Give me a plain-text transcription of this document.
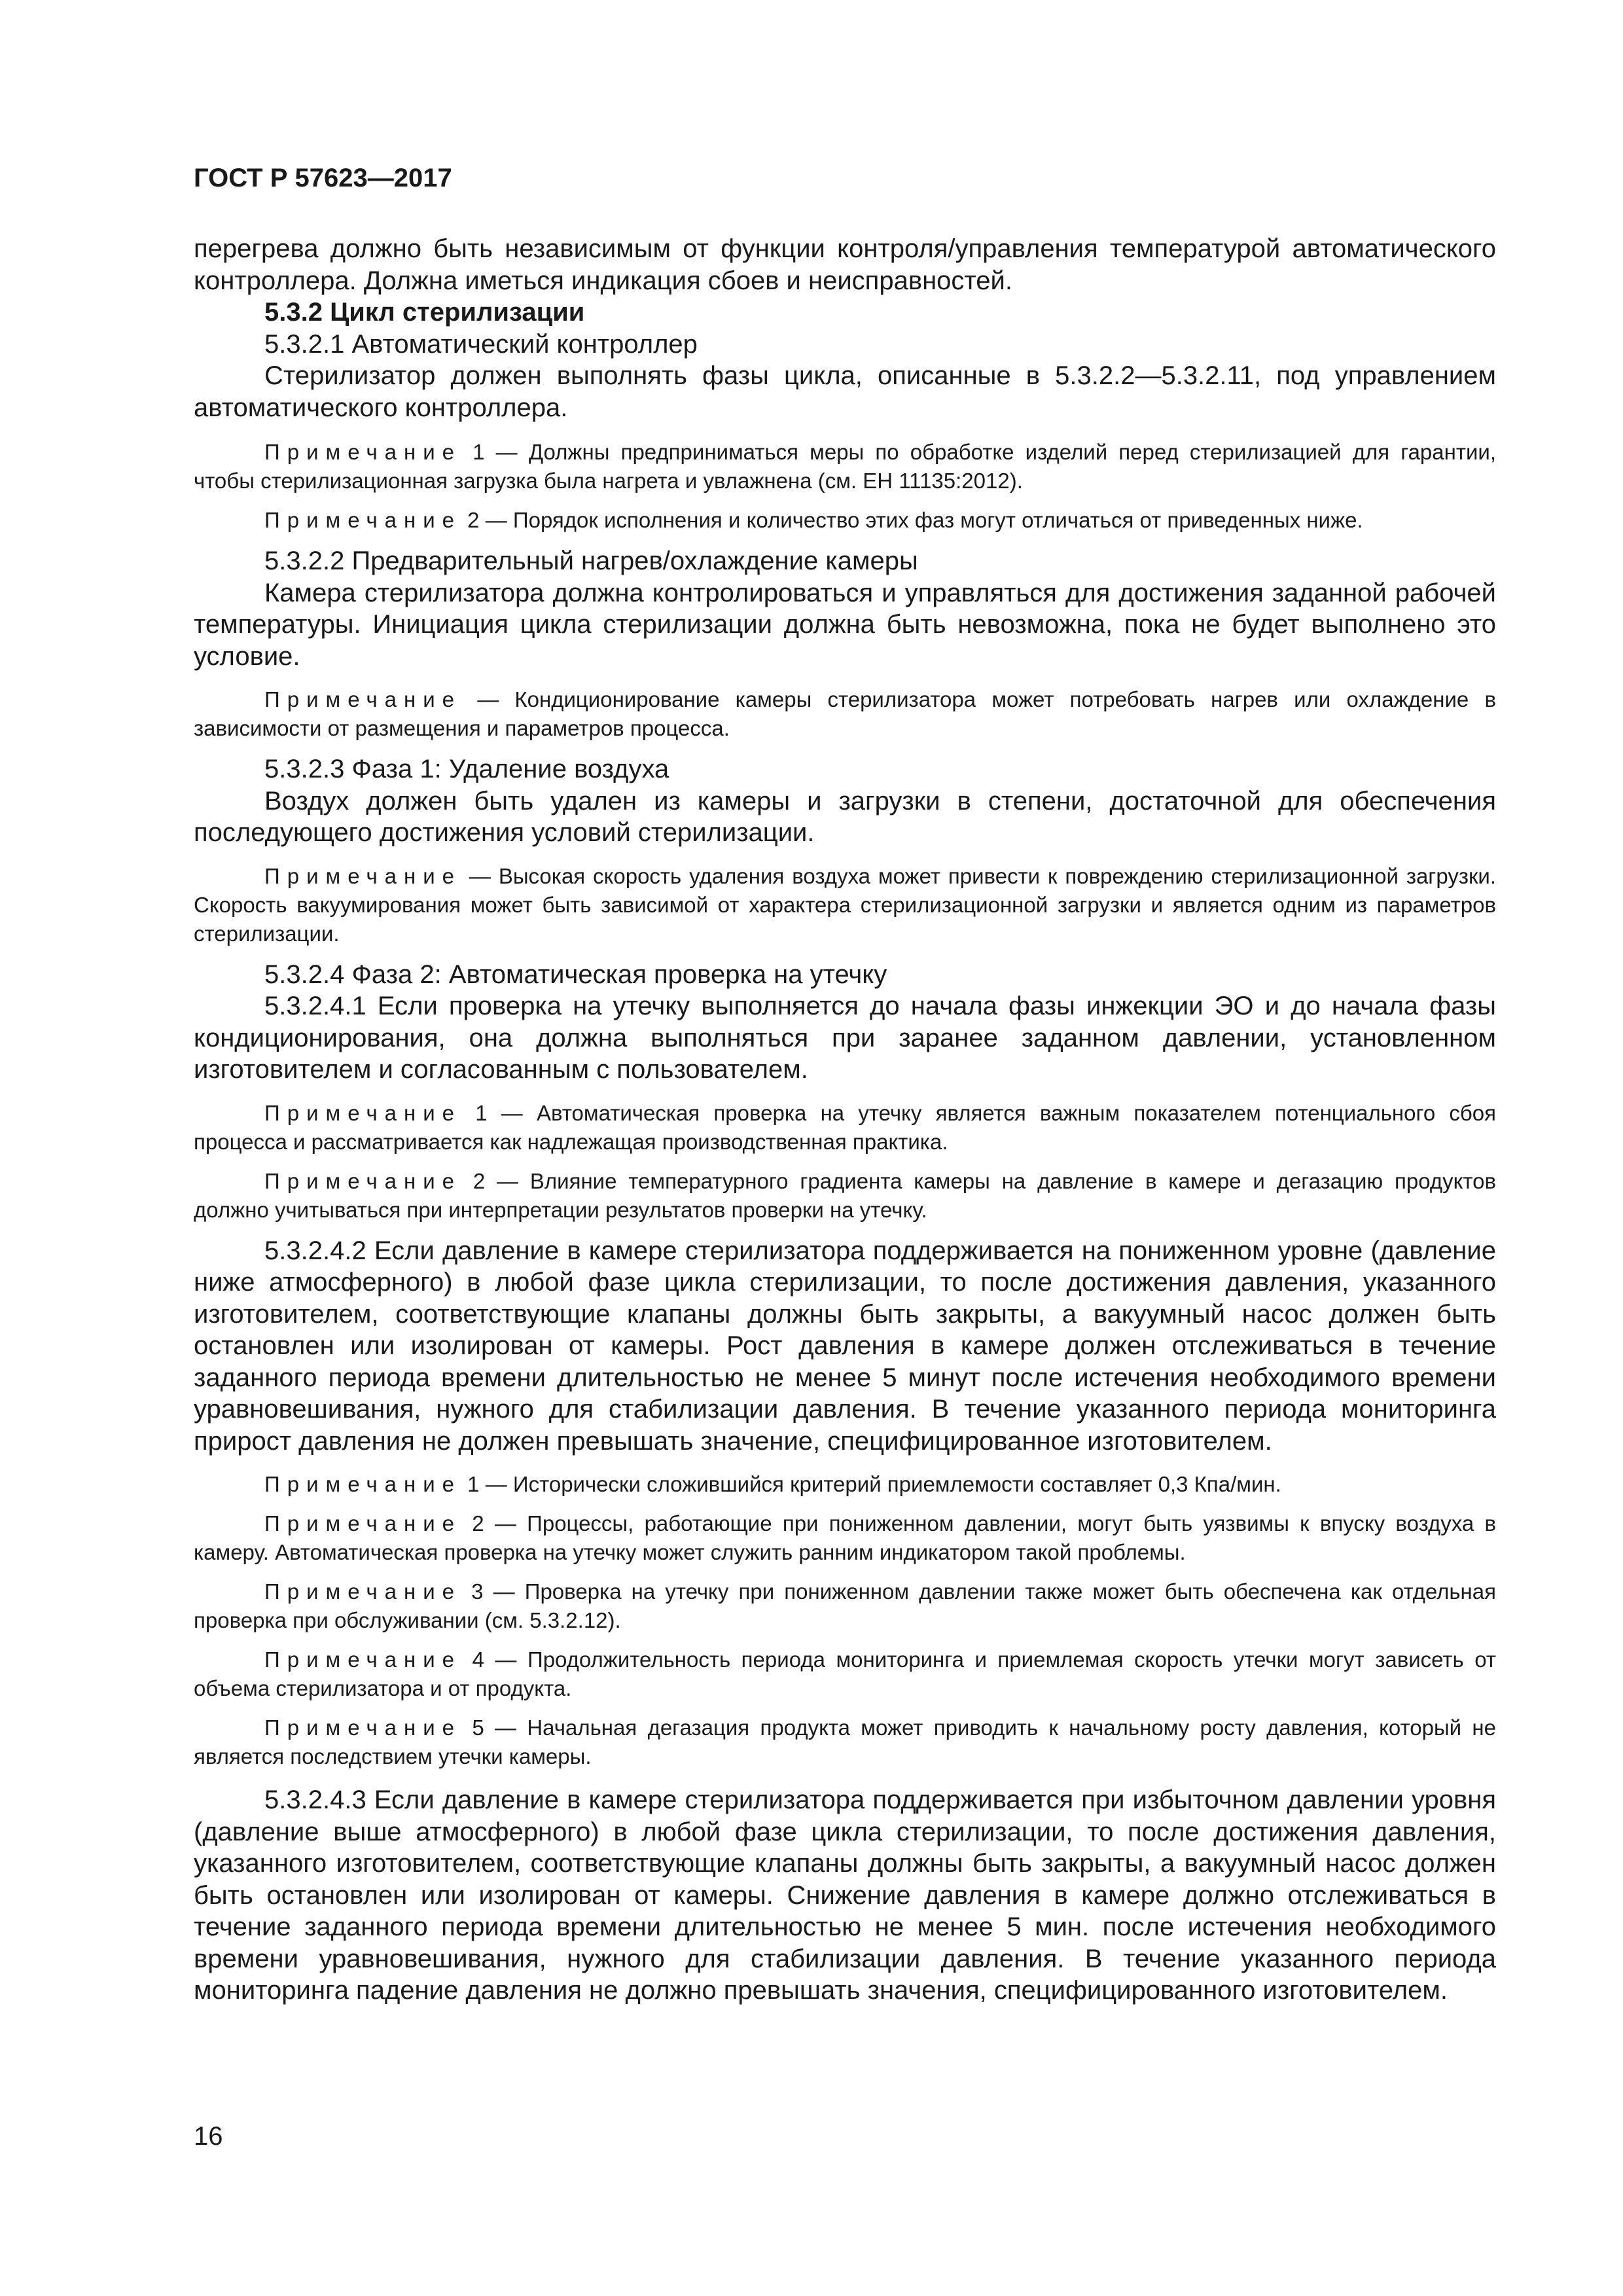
ГОСТ Р 57623—2017

перегрева должно быть независимым от функции контроля/управления температурой автоматического контроллера. Должна иметься индикация сбоев и неисправностей.

5.3.2 Цикл стерилизации

5.3.2.1 Автоматический контроллер

Стерилизатор должен выполнять фазы цикла, описанные в 5.3.2.2—5.3.2.11, под управлением автоматического контроллера.

Примечание 1 — Должны предприниматься меры по обработке изделий перед стерилизацией для гарантии, чтобы стерилизационная загрузка была нагрета и увлажнена (см. ЕН 11135:2012).

Примечание 2 — Порядок исполнения и количество этих фаз могут отличаться от приведенных ниже.

5.3.2.2 Предварительный нагрев/охлаждение камеры

Камера стерилизатора должна контролироваться и управляться для достижения заданной рабочей температуры. Инициация цикла стерилизации должна быть невозможна, пока не будет выполнено это условие.

Примечание — Кондиционирование камеры стерилизатора может потребовать нагрев или охлаждение в зависимости от размещения и параметров процесса.

5.3.2.3 Фаза 1: Удаление воздуха

Воздух должен быть удален из камеры и загрузки в степени, достаточной для обеспечения последующего достижения условий стерилизации.

Примечание — Высокая скорость удаления воздуха может привести к повреждению стерилизационной загрузки. Скорость вакуумирования может быть зависимой от характера стерилизационной загрузки и является одним из параметров стерилизации.

5.3.2.4 Фаза 2: Автоматическая проверка на утечку

5.3.2.4.1 Если проверка на утечку выполняется до начала фазы инжекции ЭО и до начала фазы кондиционирования, она должна выполняться при заранее заданном давлении, установленном изготовителем и согласованным с пользователем.

Примечание 1 — Автоматическая проверка на утечку является важным показателем потенциального сбоя процесса и рассматривается как надлежащая производственная практика.

Примечание 2 — Влияние температурного градиента камеры на давление в камере и дегазацию продуктов должно учитываться при интерпретации результатов проверки на утечку.

5.3.2.4.2 Если давление в камере стерилизатора поддерживается на пониженном уровне (давление ниже атмосферного) в любой фазе цикла стерилизации, то после достижения давления, указанного изготовителем, соответствующие клапаны должны быть закрыты, а вакуумный насос должен быть остановлен или изолирован от камеры. Рост давления в камере должен отслеживаться в течение заданного периода времени длительностью не менее 5 минут после истечения необходимого времени уравновешивания, нужного для стабилизации давления. В течение указанного периода мониторинга прирост давления не должен превышать значение, специфицированное изготовителем.

Примечание 1 — Исторически сложившийся критерий приемлемости составляет 0,3 Кпа/мин.

Примечание 2 — Процессы, работающие при пониженном давлении, могут быть уязвимы к впуску воздуха в камеру. Автоматическая проверка на утечку может служить ранним индикатором такой проблемы.

Примечание 3 — Проверка на утечку при пониженном давлении также может быть обеспечена как отдельная проверка при обслуживании (см. 5.3.2.12).

Примечание 4 — Продолжительность периода мониторинга и приемлемая скорость утечки могут зависеть от объема стерилизатора и от продукта.

Примечание 5 — Начальная дегазация продукта может приводить к начальному росту давления, который не является последствием утечки камеры.

5.3.2.4.3 Если давление в камере стерилизатора поддерживается при избыточном давлении уровня (давление выше атмосферного) в любой фазе цикла стерилизации, то после достижения давления, указанного изготовителем, соответствующие клапаны должны быть закрыты, а вакуумный насос должен быть остановлен или изолирован от камеры. Снижение давления в камере должно отслеживаться в течение заданного периода времени длительностью не менее 5 мин. после истечения необходимого времени уравновешивания, нужного для стабилизации давления. В течение указанного периода мониторинга падение давления не должно превышать значения, специфицированного изготовителем.

16
